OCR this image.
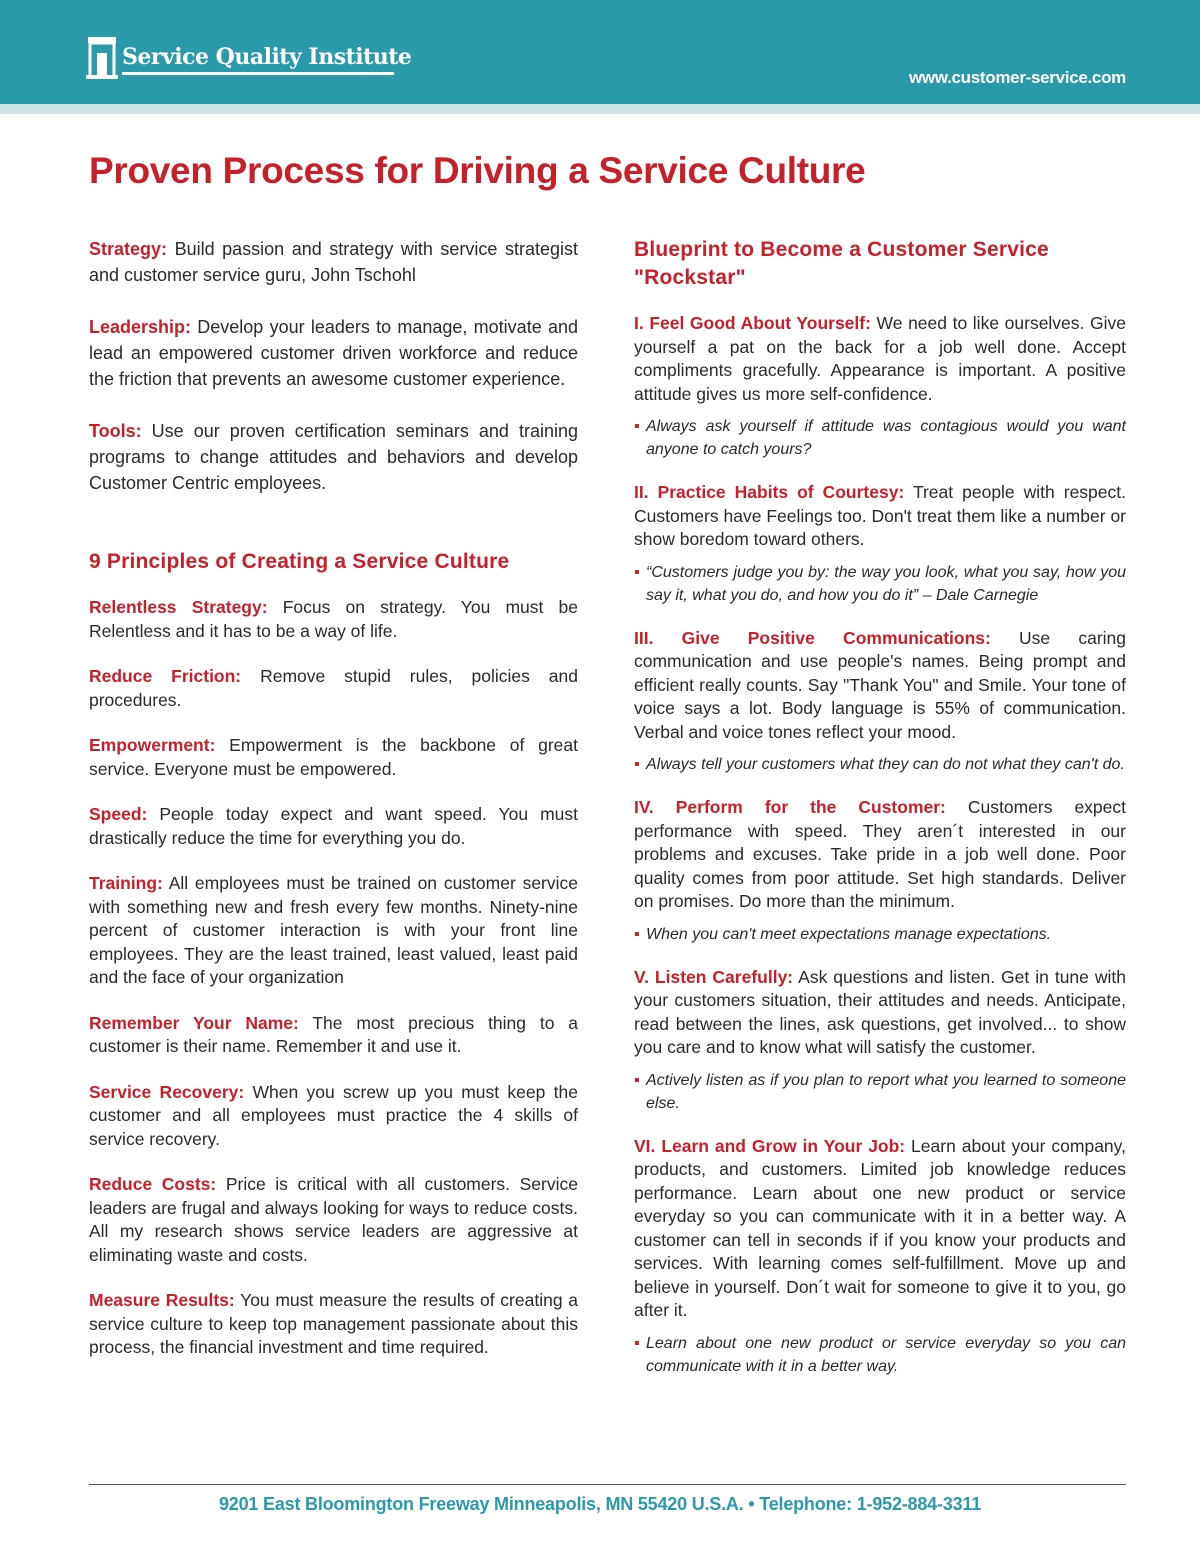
Service Quality Institute
www.customer-service.com
Proven Process for Driving a Service Culture

Strategy: Build passion and strategy with service strategist and customer service guru, John Tschohl

Leadership: Develop your leaders to manage, motivate and lead an empowered customer driven workforce and reduce the friction that prevents an awesome customer experience.

Tools: Use our proven certification seminars and training programs to change attitudes and behaviors and develop Customer Centric employees.

9 Principles of Creating a Service Culture

Relentless Strategy: Focus on strategy. You must be Relentless and it has to be a way of life.

Reduce Friction: Remove stupid rules, policies and procedures.

Empowerment: Empowerment is the backbone of great service. Everyone must be empowered.

Speed: People today expect and want speed. You must drastically reduce the time for everything you do.

Training: All employees must be trained on customer service with something new and fresh every few months. Ninety-nine percent of customer interaction is with your front line employees. They are the least trained, least valued, least paid and the face of your organization

Remember Your Name: The most precious thing to a customer is their name. Remember it and use it.

Service Recovery: When you screw up you must keep the customer and all employees must practice the 4 skills of service recovery.

Reduce Costs: Price is critical with all customers. Service leaders are frugal and always looking for ways to reduce costs. All my research shows service leaders are aggressive at eliminating waste and costs.

Measure Results: You must measure the results of creating a service culture to keep top management passionate about this process, the financial investment and time required.

Blueprint to Become a Customer Service "Rockstar"

I. Feel Good About Yourself: We need to like ourselves. Give yourself a pat on the back for a job well done. Accept compliments gracefully. Appearance is important. A positive attitude gives us more self-confidence.

▪ Always ask yourself if attitude was contagious would you want anyone to catch yours?

II. Practice Habits of Courtesy: Treat people with respect. Customers have Feelings too. Don't treat them like a number or show boredom toward others.

▪ “Customers judge you by: the way you look, what you say, how you say it, what you do, and how you do it” – Dale Carnegie

III. Give Positive Communications: Use caring communication and use people's names. Being prompt and efficient really counts. Say "Thank You" and Smile. Your tone of voice says a lot. Body language is 55% of communication. Verbal and voice tones reflect your mood.

▪ Always tell your customers what they can do not what they can't do.

IV. Perform for the Customer: Customers expect performance with speed. They aren´t interested in our problems and excuses. Take pride in a job well done. Poor quality comes from poor attitude. Set high standards. Deliver on promises. Do more than the minimum.

▪ When you can't meet expectations manage expectations.

V. Listen Carefully: Ask questions and listen. Get in tune with your customers situation, their attitudes and needs. Anticipate, read between the lines, ask questions, get involved... to show you care and to know what will satisfy the customer.

▪ Actively listen as if you plan to report what you learned to someone else.

VI. Learn and Grow in Your Job: Learn about your company, products, and customers. Limited job knowledge reduces performance. Learn about one new product or service everyday so you can communicate with it in a better way. A customer can tell in seconds if if you know your products and services. With learning comes self-fulfillment. Move up and believe in yourself. Don´t wait for someone to give it to you, go after it.

▪ Learn about one new product or service everyday so you can communicate with it in a better way.

9201 East Bloomington Freeway Minneapolis, MN 55420 U.S.A. • Telephone: 1-952-884-3311
